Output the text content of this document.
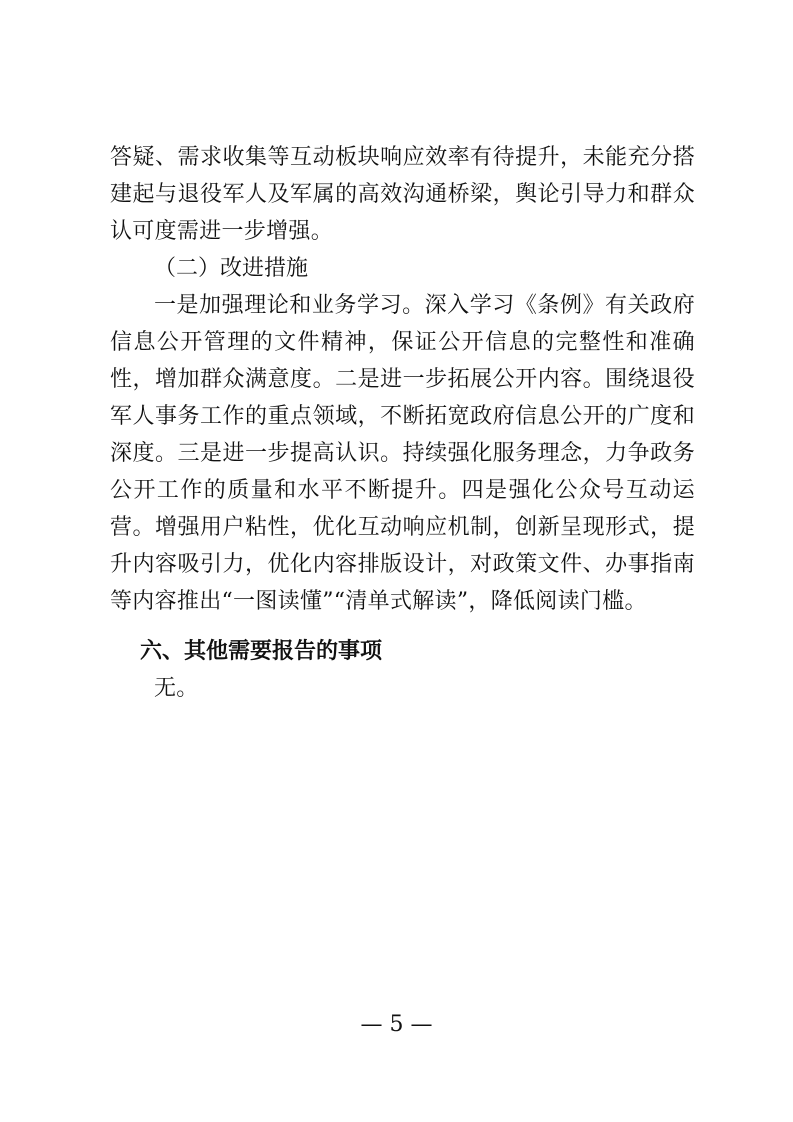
答疑、需求收集等互动板块响应效率有待提升，未能充分搭建起与退役军人及军属的高效沟通桥梁，舆论引导力和群众认可度需进一步增强。

（二）改进措施

一是加强理论和业务学习。深入学习《条例》有关政府信息公开管理的文件精神，保证公开信息的完整性和准确性，增加群众满意度。二是进一步拓展公开内容。围绕退役军人事务工作的重点领域，不断拓宽政府信息公开的广度和深度。三是进一步提高认识。持续强化服务理念，力争政务公开工作的质量和水平不断提升。四是强化公众号互动运营。增强用户粘性，优化互动响应机制，创新呈现形式，提升内容吸引力，优化内容排版设计，对政策文件、办事指南等内容推出“一图读懂”“清单式解读”，降低阅读门槛。

六、其他需要报告的事项

无。

— 5 —
